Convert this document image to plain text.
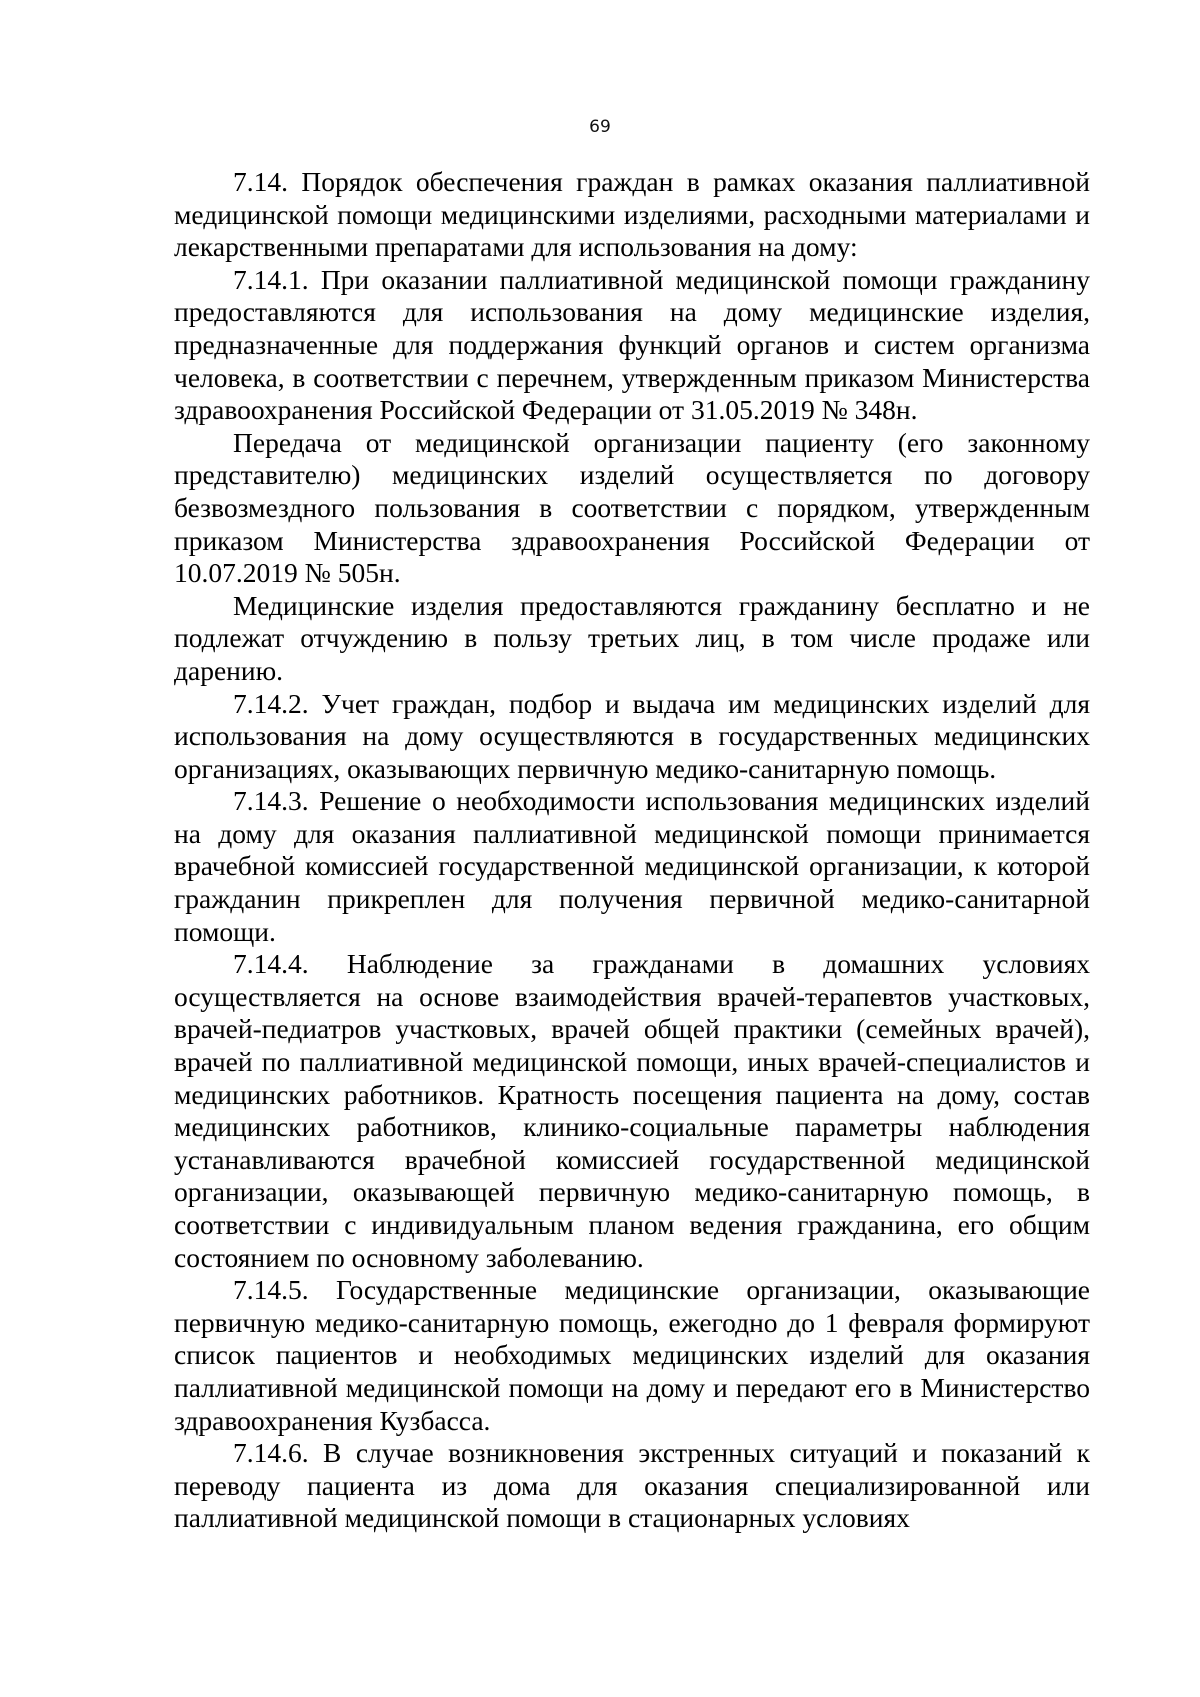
69

7.14. Порядок обеспечения граждан в рамках оказания паллиативной медицинской помощи медицинскими изделиями, расходными материалами и лекарственными препаратами для использования на дому:

7.14.1. При оказании паллиативной медицинской помощи гражданину предоставляются для использования на дому медицинские изделия, предназначенные для поддержания функций органов и систем организма человека, в соответствии с перечнем, утвержденным приказом Министерства здравоохранения Российской Федерации от 31.05.2019 № 348н.

Передача от медицинской организации пациенту (его законному представителю) медицинских изделий осуществляется по договору безвозмездного пользования в соответствии с порядком, утвержденным приказом Министерства здравоохранения Российской Федерации от 10.07.2019 № 505н.

Медицинские изделия предоставляются гражданину бесплатно и не подлежат отчуждению в пользу третьих лиц, в том числе продаже или дарению.

7.14.2. Учет граждан, подбор и выдача им медицинских изделий для использования на дому осуществляются в государственных медицинских организациях, оказывающих первичную медико-санитарную помощь.

7.14.3. Решение о необходимости использования медицинских изделий на дому для оказания паллиативной медицинской помощи принимается врачебной комиссией государственной медицинской организации, к которой гражданин прикреплен для получения первичной медико-санитарной помощи.

7.14.4. Наблюдение за гражданами в домашних условиях осуществляется на основе взаимодействия врачей-терапевтов участковых, врачей-педиатров участковых, врачей общей практики (семейных врачей), врачей по паллиативной медицинской помощи, иных врачей-специалистов и медицинских работников. Кратность посещения пациента на дому, состав медицинских работников, клинико-социальные параметры наблюдения устанавливаются врачебной комиссией государственной медицинской организации, оказывающей первичную медико-санитарную помощь, в соответствии с индивидуальным планом ведения гражданина, его общим состоянием по основному заболеванию.

7.14.5. Государственные медицинские организации, оказывающие первичную медико-санитарную помощь, ежегодно до 1 февраля формируют список пациентов и необходимых медицинских изделий для оказания паллиативной медицинской помощи на дому и передают его в Министерство здравоохранения Кузбасса.

7.14.6. В случае возникновения экстренных ситуаций и показаний к переводу пациента из дома для оказания специализированной или паллиативной медицинской помощи в стационарных условиях
